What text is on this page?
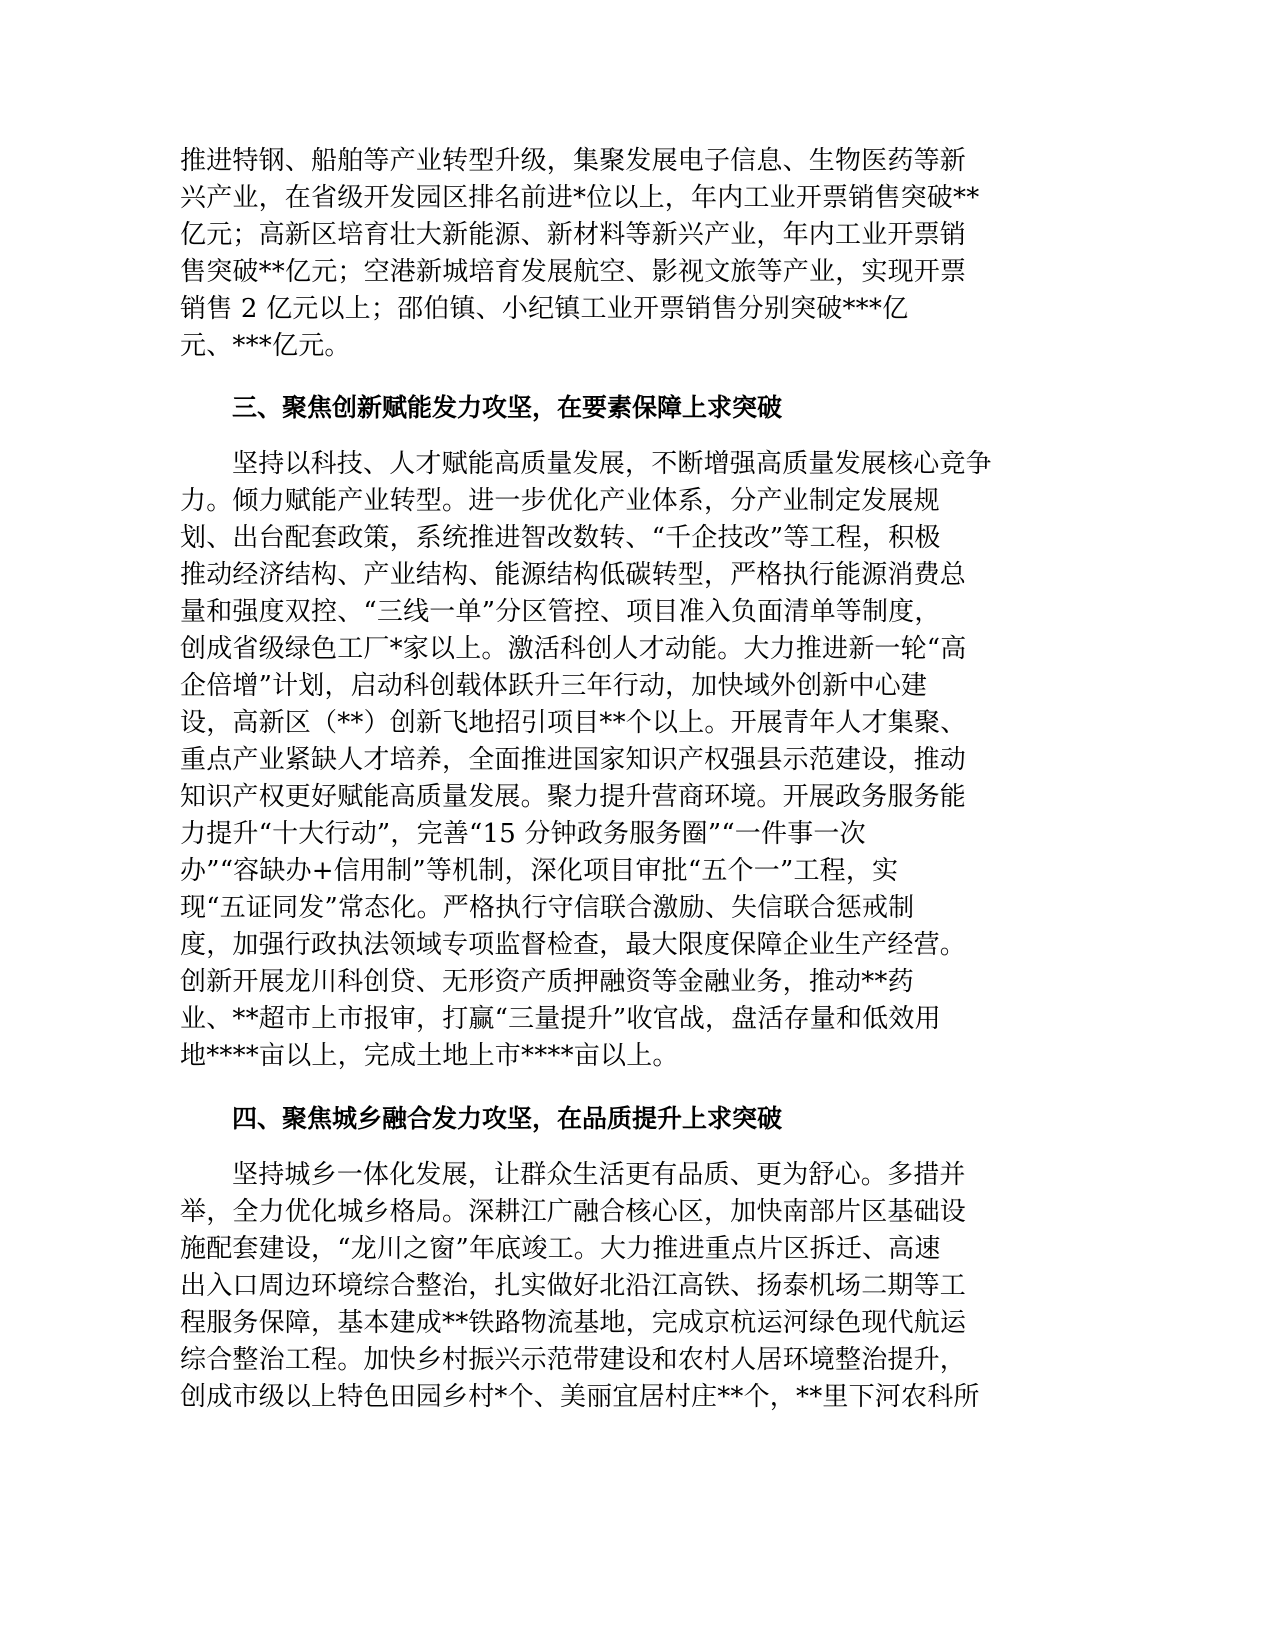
推进特钢、船舶等产业转型升级，集聚发展电子信息、生物医药等新
兴产业，在省级开发园区排名前进*位以上，年内工业开票销售突破**
亿元；高新区培育壮大新能源、新材料等新兴产业，年内工业开票销
售突破**亿元；空港新城培育发展航空、影视文旅等产业，实现开票
销售 2 亿元以上；邵伯镇、小纪镇工业开票销售分别突破***亿
元、***亿元。
三、聚焦创新赋能发力攻坚，在要素保障上求突破
坚持以科技、人才赋能高质量发展，不断增强高质量发展核心竞争
力。倾力赋能产业转型。进一步优化产业体系，分产业制定发展规
划、出台配套政策，系统推进智改数转、“千企技改”等工程，积极
推动经济结构、产业结构、能源结构低碳转型，严格执行能源消费总
量和强度双控、“三线一单”分区管控、项目准入负面清单等制度，
创成省级绿色工厂*家以上。激活科创人才动能。大力推进新一轮“高
企倍增”计划，启动科创载体跃升三年行动，加快域外创新中心建
设，高新区（**）创新飞地招引项目**个以上。开展青年人才集聚、
重点产业紧缺人才培养，全面推进国家知识产权强县示范建设，推动
知识产权更好赋能高质量发展。聚力提升营商环境。开展政务服务能
力提升“十大行动”，完善“15 分钟政务服务圈”“一件事一次
办”“容缺办+信用制”等机制，深化项目审批“五个一”工程，实
现“五证同发”常态化。严格执行守信联合激励、失信联合惩戒制
度，加强行政执法领域专项监督检查，最大限度保障企业生产经营。
创新开展龙川科创贷、无形资产质押融资等金融业务，推动**药
业、**超市上市报审，打赢“三量提升”收官战，盘活存量和低效用
地****亩以上，完成土地上市****亩以上。
四、聚焦城乡融合发力攻坚，在品质提升上求突破
坚持城乡一体化发展，让群众生活更有品质、更为舒心。多措并
举，全力优化城乡格局。深耕江广融合核心区，加快南部片区基础设
施配套建设，“龙川之窗”年底竣工。大力推进重点片区拆迁、高速
出入口周边环境综合整治，扎实做好北沿江高铁、扬泰机场二期等工
程服务保障，基本建成**铁路物流基地，完成京杭运河绿色现代航运
综合整治工程。加快乡村振兴示范带建设和农村人居环境整治提升，
创成市级以上特色田园乡村*个、美丽宜居村庄**个，**里下河农科所
